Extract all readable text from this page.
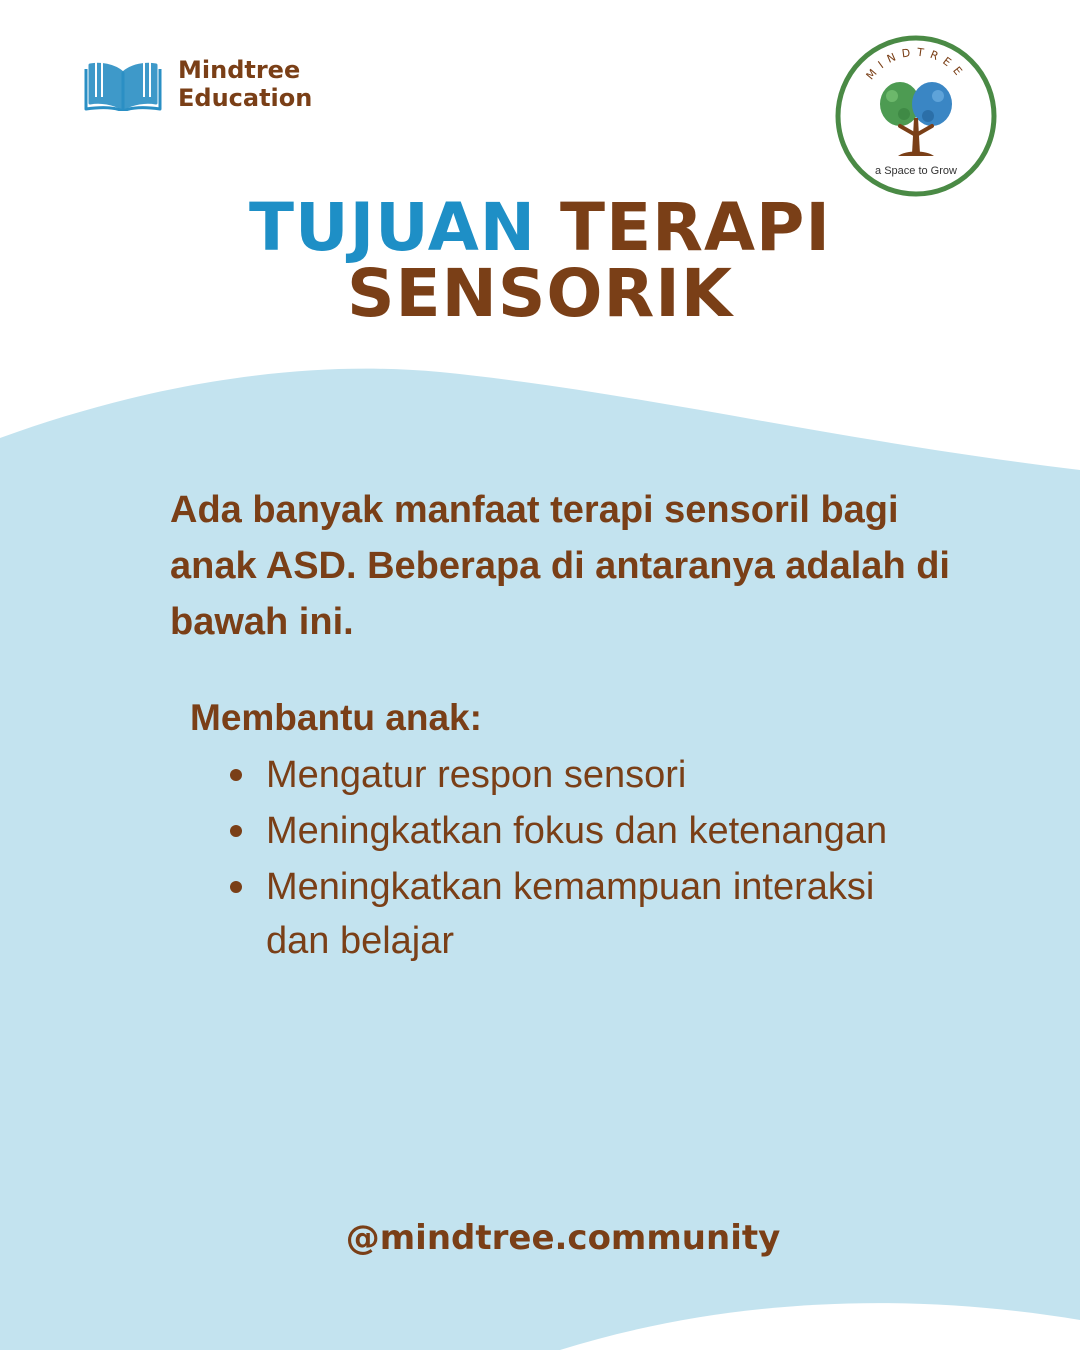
Mindtree
Education
MINDTREE
a Space to Grow
TUJUAN TERAPI
SENSORIK

Ada banyak manfaat terapi sensoril bagi anak ASD. Beberapa di antaranya adalah di bawah ini.

Membantu anak:

Mengatur respon sensori
Meningkatkan fokus dan ketenangan
Meningkatkan kemampuan interaksi dan belajar
@mindtree.community
